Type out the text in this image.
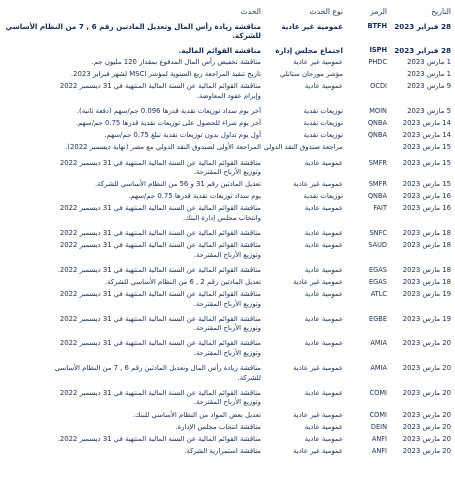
التاريخ
الرمز
نوع الحدث
الحدث
28 فبراير 2023
BTFH
عمومية غير عادية
مناقشة زيادة رأس المال وتعديل المادتين رقم 6 , 7 من النظام الأساسي
للشركة.
28 فبراير 2023
ISPH
اجتماع مجلس إدارة
مناقشة القوائم المالية.
1 مارس 2023
PHDC
عمومية غير عادية
مناقشة تخفيض رأس المال المدفوع بمقدار 120 مليون جم.
1 مارس 2023
مؤشر مورجان ستانلي
تاريخ تنفيذ المراجعة ربع السنوية لمؤشر MSCI لشهر فبراير 2023.
9 مارس 2023
OCDI
عمومية عادية
مناقشة القوائم المالية عن السنة المالية المنتهية في 31 ديسمبر 2022
وإبرام عقود المعاوضة.
5 مارس 2023
MOIN
توزيعات نقدية
آخر يوم سداد توزيعات نقدية قدرها 0.096 جم/سهم (دفعة ثانية).
14 مارس 2023
QNBA
توزيعات نقدية
آخر يوم شراء للحصول على توزيعات نقدية قدرها 0.75 جم/سهم.
14 مارس 2023
QNBA
توزيعات نقدية
أول يوم تداول بدون توزيعات نقدية تبلغ 0.75 جم/سهم.
15 مارس 2023
مراجعة صندوق النقد الدولي
المراجعة الأولى لصندوق النقد الدولي مع مصر (نهاية ديسمبر 2022).
15 مارس 2023
SMFR
عمومية عادية
مناقشة القوائم المالية عن السنة المالية المنتهية في 31 ديسمبر 2022
وتوزيع الأرباح المقترحة.
15 مارس 2023
SMFR
عمومية غير عادية
تعديل المادتين رقم 31 و 56 من النظام الأساسي للشركة.
16 مارس 2023
QNBA
توزيعات نقدية
يوم سداد توزيعات نقدية قدرها 0.75 جم/سهم.
16 مارس 2023
FAIT
عمومية عادية
مناقشة القوائم المالية عن السنة المالية المنتهية في 31 ديسمبر 2022
وانتخاب مجلس إدارة البنك.
18 مارس 2023
SNFC
عمومية عادية
مناقشة القوائم المالية عن السنة المالية المنتهية في 31 ديسمبر 2022
18 مارس 2023
SAUD
عمومية عادية
مناقشة القوائم المالية عن السنة المالية المنتهية في 31 ديسمبر 2022
وتوزيع الأرباح المقترحة.
18 مارس 2023
EGAS
عمومية عادية
مناقشة القوائم المالية عن السنة المالية المنتهية في 31 ديسمبر 2022.
18 مارس 2023
EGAS
عمومية غير عادية
تعديل المادتين رقم 2 , 6 من النظام الأساسي للشركة.
19 مارس 2023
ATLC
عمومية عادية
مناقشة القوائم المالية عن السنة المالية المنتهية في 31 ديسمبر 2022
وتوزيع الأرباح المقترحة.
19 مارس 2023
EGBE
عمومية عادية
مناقشة القوائم المالية عن السنة المالية المنتهية في 31 ديسمبر 2022
وتوزيع الأرباح المقترحة.
20 مارس 2023
AMIA
عمومية عادية
مناقشة القوائم المالية عن السنة المالية المنتهية في 31 ديسمبر 2022
وتوزيع الأرباح المقترحة.
20 مارس 2023
AMIA
عمومية غير عادية
مناقشة زيادة رأس المال وتعديل المادتين رقم 6 , 7 من النظام الأساسي
للشركة.
20 مارس 2023
COMI
عمومية عادية
مناقشة القوائم المالية عن السنة المالية المنتهية في 31 ديسمبر 2022
وتوزيع الأرباح المقترحة.
20 مارس 2023
COMI
عمومية غير عادية
تعديل بعض المواد من النظام الأساسي للبنك.
20 مارس 2023
DEIN
عمومية عادية
مناقشة انتخاب مجلس الإدارة.
20 مارس 2023
ANFI
عمومية عادية
مناقشة القوائم المالية عن السنة المالية المنتهية في 31 ديسمبر 2022.
20 مارس 2023
ANFI
عمومية غير عادية
مناقشة استمرارية الشركة.
